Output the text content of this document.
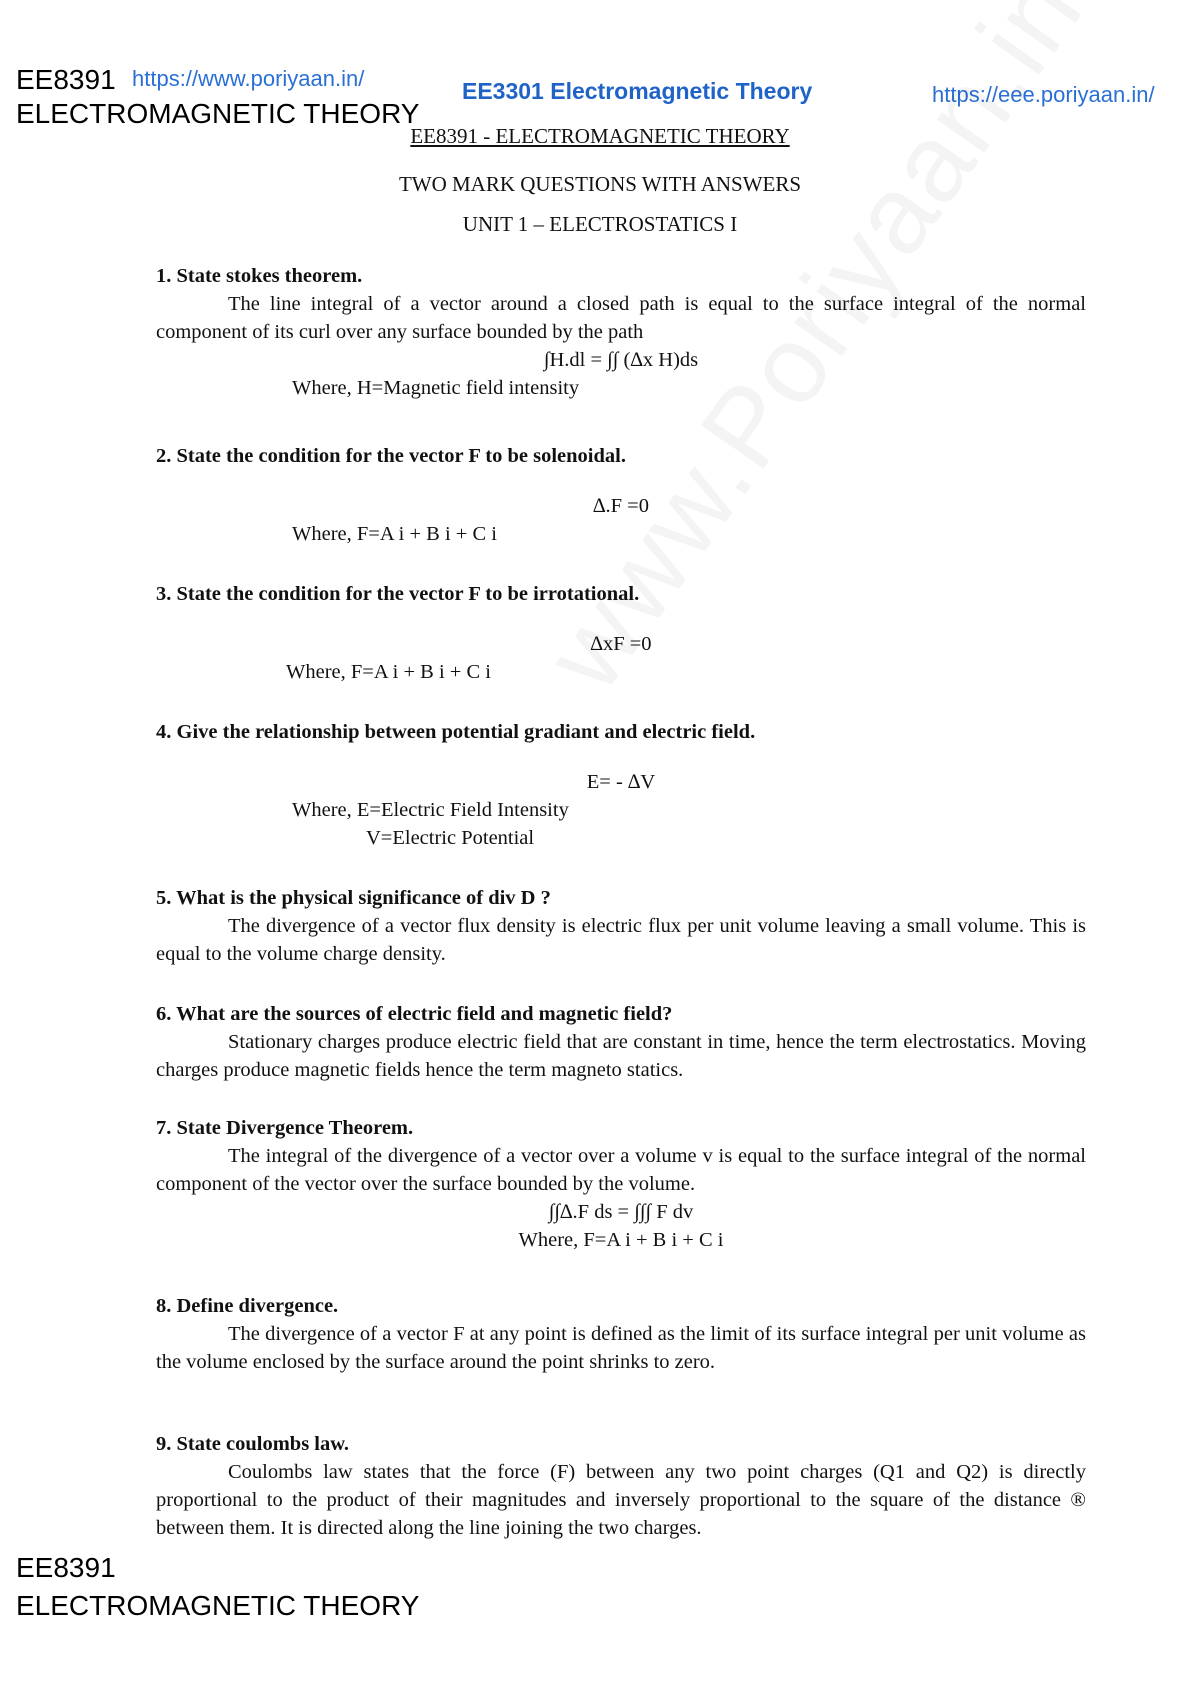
EE8391 https://www.poriyaan.in/
ELECTROMAGNETIC THEORY
EE3301 Electromagnetic Theory	https://eee.poriyaan.in/
EE8391 - ELECTROMAGNETIC THEORY
TWO MARK QUESTIONS WITH ANSWERS
UNIT 1 – ELECTROSTATICS I
1. State stokes theorem.

The line integral of a vector around a closed path is equal to the surface integral of the normal component of its curl over any surface bounded by the path

∫H.dl = ∫∫ (∆x H)ds
Where, H=Magnetic field intensity
2. State the condition for the vector F to be solenoidal.
∆.F =0
Where, F=A i + B i + C i
3. State the condition for the vector F to be irrotational.
∆xF =0
Where, F=A i + B i + C i
4. Give the relationship between potential gradiant and electric field.
E= - ∆V
Where, E=Electric Field Intensity
V=Electric Potential
5. What is the physical significance of div D ?

The divergence of a vector flux density is electric flux per unit volume leaving a small volume. This is equal to the volume charge density.

6. What are the sources of electric field and magnetic field?

Stationary charges produce electric field that are constant in time, hence the term electrostatics. Moving charges produce magnetic fields hence the term magneto statics.

7. State Divergence Theorem.

The integral of the divergence of a vector over a volume v is equal to the surface integral of the normal component of the vector over the surface bounded by the volume.

∫∫∆.F ds = ∫∫∫ F dv
Where, F=A i + B i + C i
8. Define divergence.

The divergence of a vector F at any point is defined as the limit of its surface integral per unit volume as the volume enclosed by the surface around the point shrinks to zero.

9. State coulombs law.

Coulombs law states that the force (F) between any two point charges (Q1 and Q2) is directly proportional to the product of their magnitudes and inversely proportional to the square of the distance ® between them. It is directed along the line joining the two charges.

EE8391
ELECTROMAGNETIC THEORY
